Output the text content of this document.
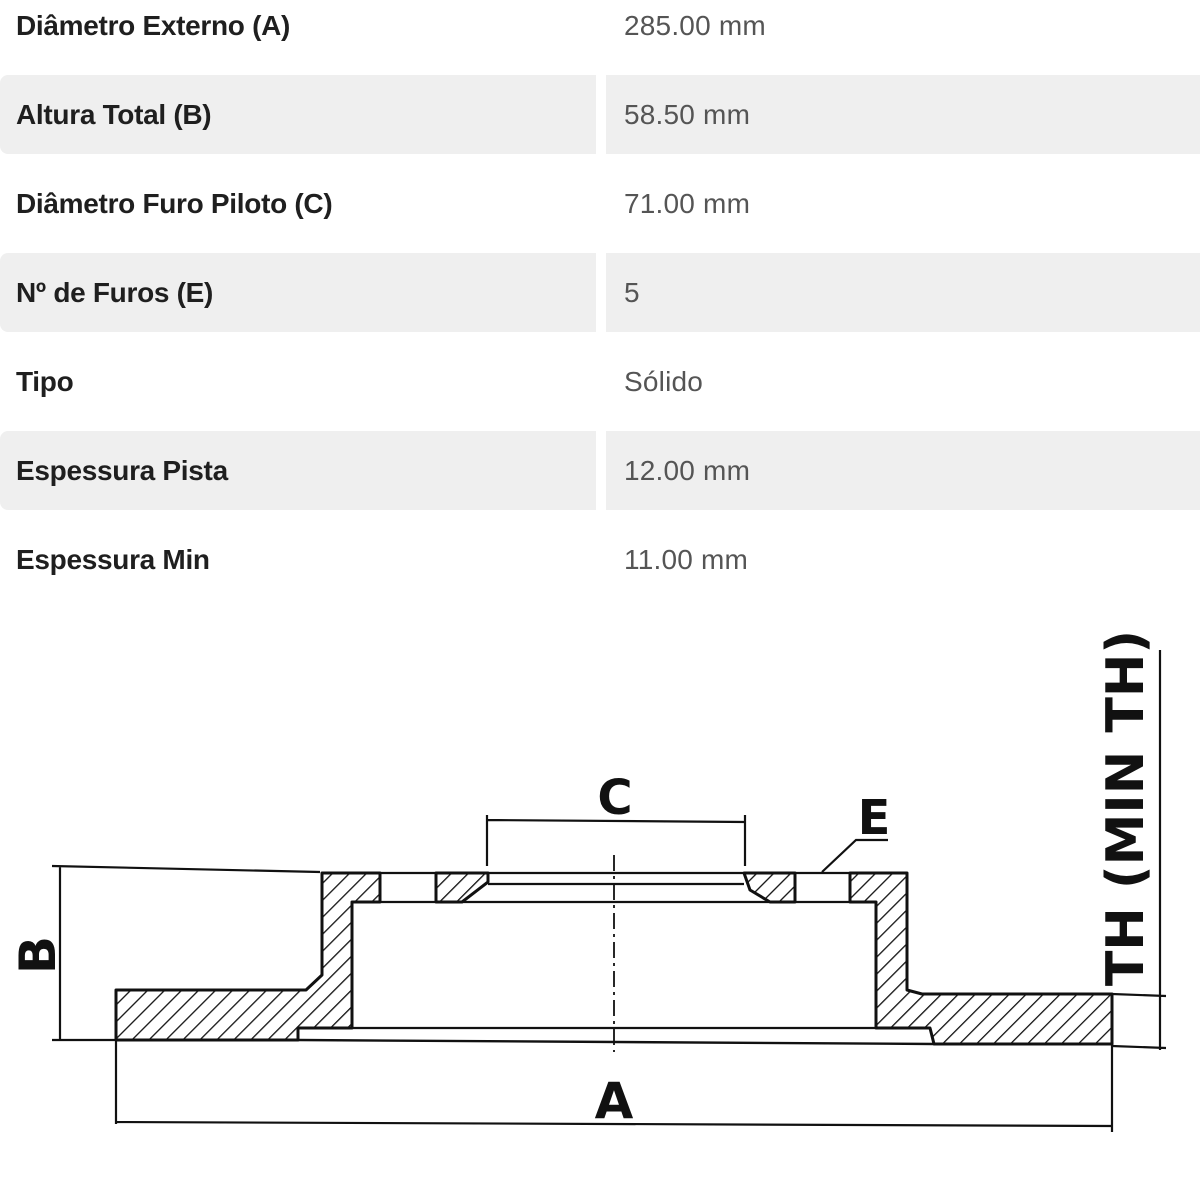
Diâmetro Externo (A)	285.00 mm
Altura Total (B)	58.50 mm
Diâmetro Furo Piloto (C)	71.00 mm
Nº de Furos (E)	5
Tipo	Sólido
Espessura Pista	12.00 mm
Espessura Min	11.00 mm
C	E
A
B	TH (MIN TH)
